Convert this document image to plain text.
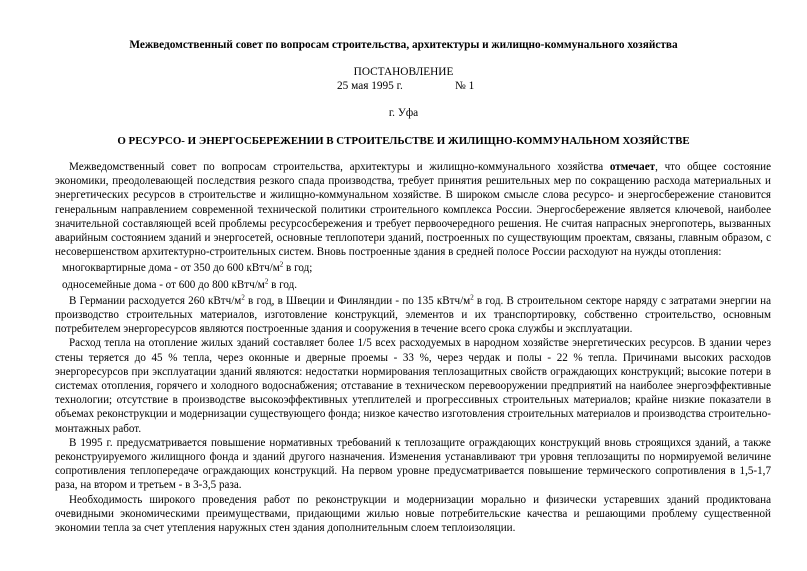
Межведомственный совет по вопросам строительства, архитектуры и жилищно-коммунального хозяйства
ПОСТАНОВЛЕНИЕ
25 мая 1995 г.	№ 1
г. Уфа
О РЕСУРСО- И ЭНЕРГОСБЕРЕЖЕНИИ В СТРОИТЕЛЬСТВЕ И ЖИЛИЩНО-КОММУНАЛЬНОМ ХОЗЯЙСТВЕ

Межведомственный совет по вопросам строительства, архитектуры и жилищно-коммунального хозяйства отмечает, что общее состояние экономики, преодолевающей последствия резкого спада производства, требует принятия решительных мер по сокращению расхода материальных и энергетических ресурсов в строительстве и жилищно-коммунальном хозяйстве. В широком смысле слова ресурсо- и энергосбережение становится генеральным направлением современной технической политики строительного комплекса России. Энергосбережение является ключевой, наиболее значительной составляющей всей проблемы ресурсосбережения и требует первоочередного решения. Не считая напрасных энергопотерь, вызванных аварийным состоянием зданий и энергосетей, основные теплопотери зданий, построенных по существующим проектам, связаны, главным образом, с несовершенством архитектурно-строительных систем. Вновь построенные здания в средней полосе России расходуют на нужды отопления:

многоквартирные дома - от 350 до 600 кВтч/$м^2$ в год;
односемейные дома - от 600 до 800 кВтч/$м^2$ в год.

В Германии расходуется 260 кВтч/$м^2$ в год, в Швеции и Финляндии - по 135 кВтч/$м^2$ в год. В строительном секторе наряду с затратами энергии на производство строительных материалов, изготовление конструкций, элементов и их транспортировку, собственно строительство, основным потребителем энергоресурсов являются построенные здания и сооружения в течение всего срока службы и эксплуатации.

Расход тепла на отопление жилых зданий составляет более 1/5 всех расходуемых в народном хозяйстве энергетических ресурсов. В здании через стены теряется до 45 % тепла, через оконные и дверные проемы - 33 %, через чердак и полы - 22 % тепла. Причинами высоких расходов энергоресурсов при эксплуатации зданий являются: недостатки нормирования теплозащитных свойств ограждающих конструкций; высокие потери в системах отопления, горячего и холодного водоснабжения; отставание в техническом перевооружении предприятий на наиболее энергоэффективные технологии; отсутствие в производстве высокоэффективных утеплителей и прогрессивных строительных материалов; крайне низкие показатели в объемах реконструкции и модернизации существующего фонда; низкое качество изготовления строительных материалов и производства строительно-монтажных работ.

В 1995 г. предусматривается повышение нормативных требований к теплозащите ограждающих конструкций вновь строящихся зданий, а также реконструируемого жилищного фонда и зданий другого назначения. Изменения устанавливают три уровня теплозащиты по нормируемой величине сопротивления теплопередаче ограждающих конструкций. На первом уровне предусматривается повышение термического сопротивления в 1,5-1,7 раза, на втором и третьем - в 3-3,5 раза.

Необходимость широкого проведения работ по реконструкции и модернизации морально и физически устаревших зданий продиктована очевидными экономическими преимуществами, придающими жилью новые потребительские качества и решающими проблему существенной экономии тепла за счет утепления наружных стен здания дополнительным слоем теплоизоляции.
